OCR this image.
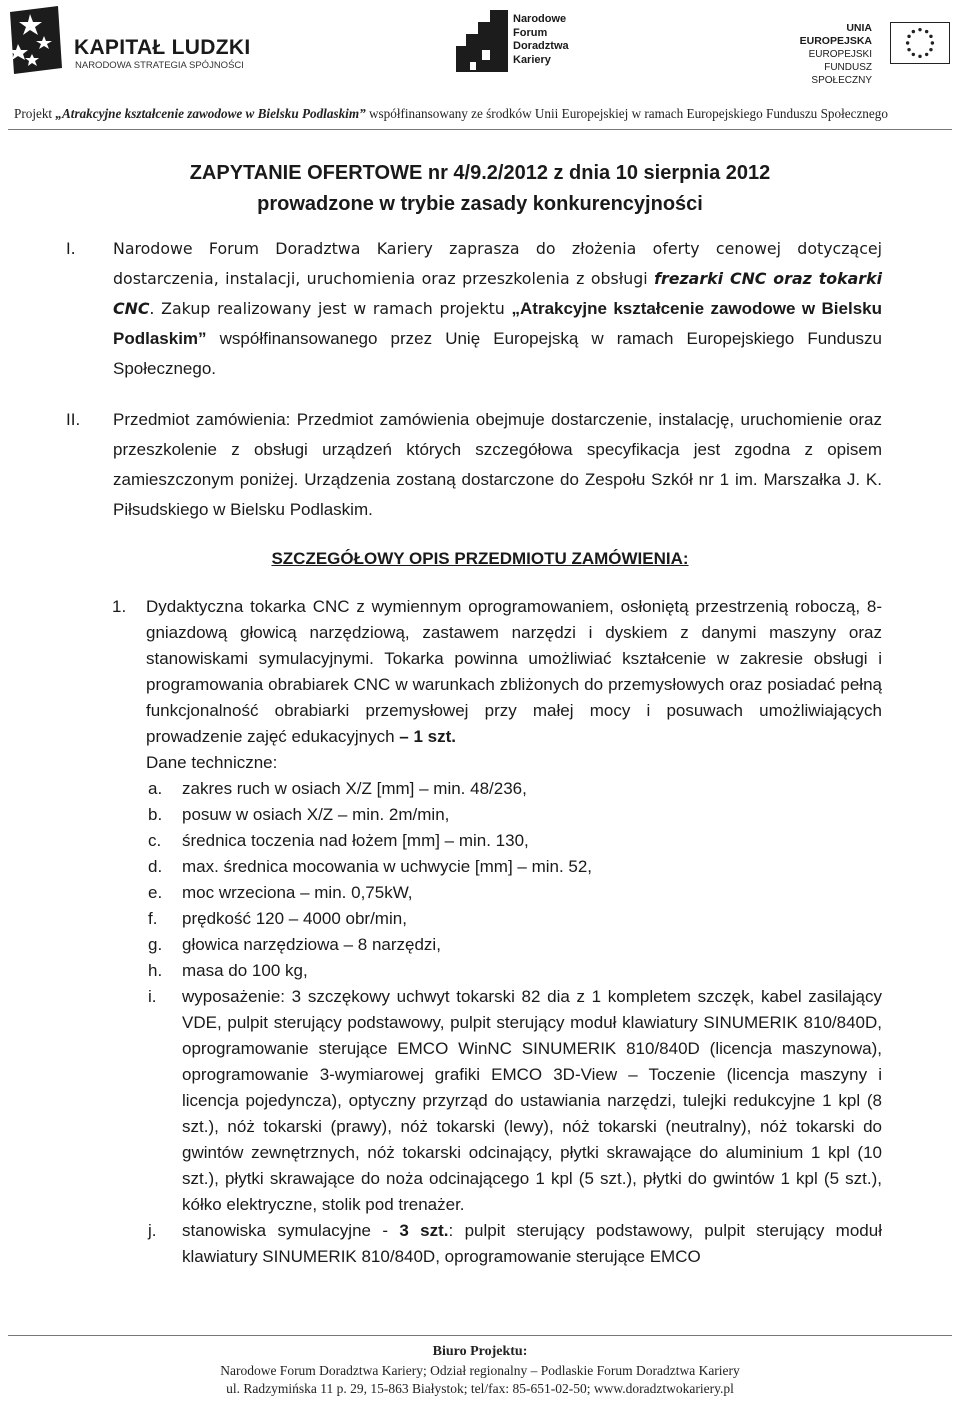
KAPITAŁ LUDZKI
NARODOWA STRATEGIA SPÓJNOŚCI
Narodowe
Forum
Doradztwa
Kariery
UNIA EUROPEJSKA
EUROPEJSKI
FUNDUSZ SPOŁECZNY
Projekt „Atrakcyjne kształcenie zawodowe w Bielsku Podlaskim” współfinansowany ze środków Unii Europejskiej w ramach Europejskiego Funduszu Społecznego
ZAPYTANIE OFERTOWE nr 4/9.2/2012 z dnia 10 sierpnia 2012
prowadzone w trybie zasady konkurencyjności
I. Narodowe Forum Doradztwa Kariery zaprasza do złożenia oferty cenowej dotyczącej dostarczenia, instalacji, uruchomienia oraz przeszkolenia z obsługi frezarki CNC oraz tokarki CNC. Zakup realizowany jest w ramach projektu „Atrakcyjne kształcenie zawodowe w Bielsku Podlaskim” współfinansowanego przez Unię Europejską w ramach Europejskiego Funduszu Społecznego.
II. Przedmiot zamówienia: Przedmiot zamówienia obejmuje dostarczenie, instalację, uruchomienie oraz przeszkolenie z obsługi urządzeń których szczegółowa specyfikacja jest zgodna z opisem zamieszczonym poniżej. Urządzenia zostaną dostarczone do Zespołu Szkół nr 1 im. Marszałka J. K. Piłsudskiego w Bielsku Podlaskim.
SZCZEGÓŁOWY OPIS PRZEDMIOTU ZAMÓWIENIA:
1. Dydaktyczna tokarka CNC z wymiennym oprogramowaniem, osłoniętą przestrzenią roboczą, 8-gniazdową głowicą narzędziową, zastawem narzędzi i dyskiem z danymi maszyny oraz stanowiskami symulacyjnymi. Tokarka powinna umożliwiać kształcenie w zakresie obsługi i programowania obrabiarek CNC w warunkach zbliżonych do przemysłowych oraz posiadać pełną funkcjonalność obrabiarki przemysłowej przy małej mocy i posuwach umożliwiających prowadzenie zajęć edukacyjnych – 1 szt.
Dane techniczne:
a. zakres ruch w osiach X/Z [mm] – min. 48/236,
b. posuw w osiach X/Z – min. 2m/min,
c. średnica toczenia nad łożem [mm] – min. 130,
d. max. średnica mocowania w uchwycie [mm] – min. 52,
e. moc wrzeciona – min. 0,75kW,
f. prędkość 120 – 4000 obr/min,
g. głowica narzędziowa – 8 narzędzi,
h. masa do 100 kg,
i. wyposażenie: 3 szczękowy uchwyt tokarski 82 dia z 1 kompletem szczęk, kabel zasilający VDE, pulpit sterujący podstawowy, pulpit sterujący moduł klawiatury SINUMERIK 810/840D, oprogramowanie sterujące EMCO WinNC SINUMERIK 810/840D (licencja maszynowa), oprogramowanie 3-wymiarowej grafiki EMCO 3D-View – Toczenie (licencja maszyny i licencja pojedyncza), optyczny przyrząd do ustawiania narzędzi, tulejki redukcyjne 1 kpl (8 szt.), nóż tokarski (prawy), nóż tokarski (lewy), nóż tokarski (neutralny), nóż tokarski do gwintów zewnętrznych, nóż tokarski odcinający, płytki skrawające do aluminium 1 kpl (10 szt.), płytki skrawające do noża odcinającego 1 kpl (5 szt.), płytki do gwintów 1 kpl (5 szt.), kółko elektryczne, stolik pod trenażer.
j. stanowiska symulacyjne - 3 szt.: pulpit sterujący podstawowy, pulpit sterujący moduł klawiatury SINUMERIK 810/840D, oprogramowanie sterujące EMCO
Biuro Projektu:
Narodowe Forum Doradztwa Kariery; Odział regionalny – Podlaskie Forum Doradztwa Kariery
ul. Radzymińska 11 p. 29, 15-863 Białystok; tel/fax: 85-651-02-50; www.doradztwokariery.pl
